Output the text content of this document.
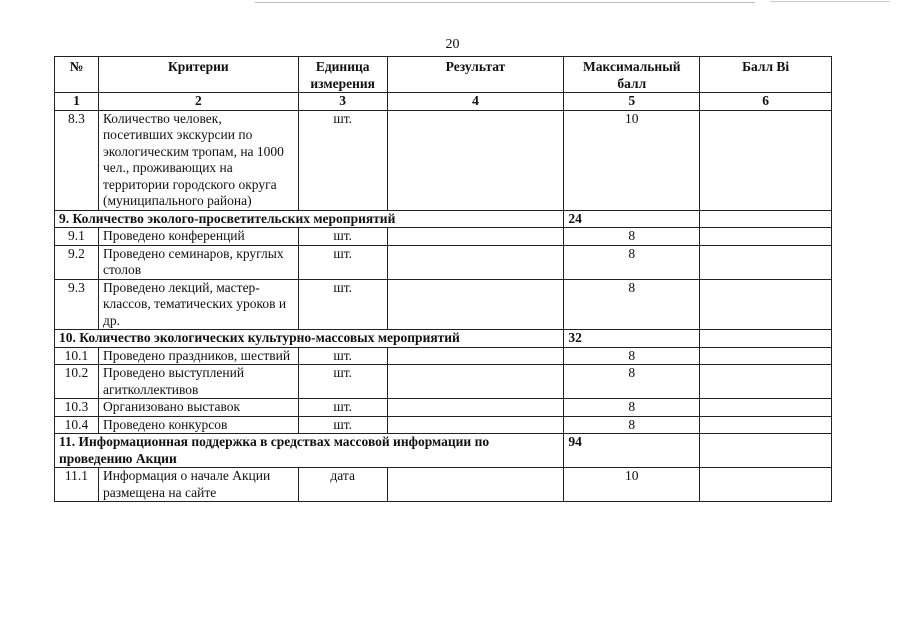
20
№	Критерии	Единица измерения	Результат	Максимальный балл	Балл Вi
1	2	3	4	5	6
8.3	Количество человек, посетивших экскурсии по экологическим тропам, на 1000 чел., проживающих на территории городского округа (муниципального района)	шт.		10	
9. Количество эколого-просветительских мероприятий				24	
9.1	Проведено конференций	шт.		8	
9.2	Проведено семинаров, круглых столов	шт.		8	
9.3	Проведено лекций, мастер-классов, тематических уроков и др.	шт.		8	
10. Количество экологических культурно-массовых мероприятий				32	
10.1	Проведено праздников, шествий	шт.		8	
10.2	Проведено выступлений агитколлективов	шт.		8	
10.3	Организовано выставок	шт.		8	
10.4	Проведено конкурсов	шт.		8	
11. Информационная поддержка в средствах массовой информации по проведению Акции				94	
11.1	Информация о начале Акции размещена на сайте	дата		10	
